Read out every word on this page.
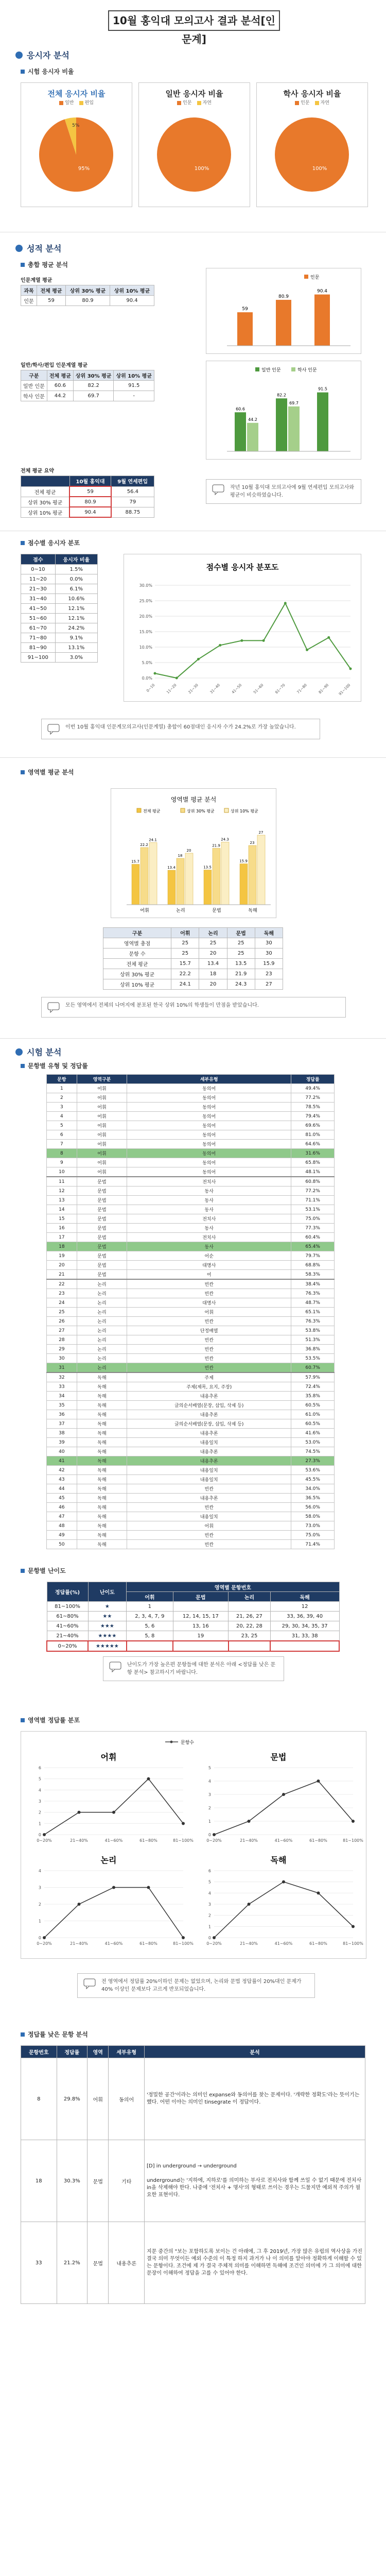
10월 홍익대 모의고사 결과 분석[인문계]
응시자 분석
시험 응시자 비율
전체 응시자 비율
일반	편입
5%
95%
일반 응시자 비율
인문	자연
100%
학사 응시자 비율
인문	자연
100%
성적 분석
총합 평균 분석
인문계열 평균
과목	전체 평균	상위 30% 평균	상위 10% 평균
인문	59	80.9	90.4
일반/학사/편입 인문계열 평균
구분	전체 평균	상위 30% 평균	상위 10% 평균
일반 인문	60.6	82.2	91.5
학사 인문	44.2	69.7	-
인문
59
80.9
90.4
일반 인문	학사 인문
60.6
44.2
82.2
69.7
91.5
전체 평균 요약
	10월 홍익대	9월 연세편입
전체 평균	59	56.4
상위 30% 평균	80.9	79
상위 10% 평균	90.4	88.75
작년 10월 홍익대 모의고사에 9월 연세편입 모의고사와 평균이 비슷하였습니다.
점수별 응시자 분포
점수	응시자 비율
0~10	1.5%
11~20	0.0%
21~30	6.1%
31~40	10.6%
41~50	12.1%
51~60	12.1%
61~70	24.2%
71~80	9.1%
81~90	13.1%
91~100	3.0%
점수별 응시자 분포도
0.0%
5.0%
10.0%
15.0%
20.0%
25.0%
30.0%
0~10	11~20	21~30	31~40	41~50	51~60	61~70	71~80	81~90 91~100
이번 10월 홍익대 인문계모의고사(인문계열) 총합이 60점대인 응시자 수가 24.2%로 가장 높았습니다.
영역별 평균 분석
영역별 평균 분석
전체 평균	상위 30% 평균	상위 10% 평균
15.7
22.2
24.1
어휘
13.4
18
20
논리
13.5
21.9
24.3
문법
15.9
23
27
독해
구분	어휘	논리	문법	독해
영역별 총점	25	25	25	30
문항 수	25	20	25	30
전체 평균	15.7	13.4	13.5	15.9
상위 30% 평균	22.2	18	21.9	23
상위 10% 평균	24.1	20	24.3	27
모든 영역에서 전체의 나머지에 분포된 한국 상위 10%의 학생들이 만점을 받았습니다.
시험 분석
문항별 유형 및 정답률
문항	영역구분	세부유형	정답률
1	어휘	동의어	49.4%
2	어휘	동의어	77.2%
3	어휘	동의어	78.5%
4	어휘	동의어	79.4%
5	어휘	동의어	69.6%
6	어휘	동의어	81.0%
7	어휘	동의어	64.6%
8	어휘	동의어	31.6%
9	어휘	동의어	65.8%
10	어휘	동의어	48.1%
11	문법	전치사	60.8%
12	문법	동사	77.2%
13	문법	동사	71.1%
14	문법	동사	53.1%
15	문법	전치사	75.0%
16	문법	동사	77.3%
17	문법	전치사	60.4%
18	문법	동사	65.4%
19	문법	어순	79.7%
20	문법	대명사	68.8%
21	문법	어	58.3%
22	논리	빈칸	38.4%
23	논리	빈칸	76.3%
24	논리	대명사	48.7%
25	논리	어휘	65.1%
26	논리	빈칸	76.3%
27	논리	단정배열	53.8%
28	논리	빈칸	51.3%
29	논리	빈칸	36.8%
30	논리	빈칸	53.5%
31	논리	빈칸	60.7%
32	독해	주제	57.9%
33	독해	주제(제목, 요지, 주장)	72.4%
34	독해	내용추론	35.8%
35	독해	글의순서배열(문장, 삽입, 삭제 등)	60.5%
36	독해	내용추론	61.0%
37	독해	글의순서배열(문장, 삽입, 삭제 등)	60.5%
38	독해	내용추론	41.6%
39	독해	내용일치	53.0%
40	독해	내용추론	74.5%
41	독해	내용추론	27.3%
42	독해	내용일치	53.6%
43	독해	내용일치	45.5%
44	독해	빈칸	34.0%
45	독해	내용추론	36.5%
46	독해	빈칸	56.0%
47	독해	내용일치	58.0%
48	독해	어휘	73.0%
49	독해	빈칸	75.0%
50	독해	빈칸	71.4%
문항별 난이도
정답률(%)	난이도	영역별 문항번호			
		어휘	문법	논리	독해
81~100%	★	1			12
61~80%	★★	2, 3, 4, 7, 9	12, 14, 15, 17	21, 26, 27	33, 36, 39, 40
41~60%	★★★	5, 6	13, 16	20, 22, 28	29, 30, 34, 35, 37
21~40%	★★★★	5, 8	19	23, 25	31, 33, 38
0~20%	★★★★★				
난이도가 가장 높은편 문항들에 대한 분석은 아래 <정답률 낮은 문항 분석> 참고하시기 바랍니다.
영역별 정답률 분포
문항수
어휘
0
1
2
3
4
5
6
0~20%	21~40%	41~60%	61~80%	81~100%
문법
0
1
2
3
4
5
0~20%	21~40%	41~60%	61~80%	81~100%
논리
0
1
2
3
4
0~20%	21~40%	41~60%	61~80%	81~100%
독해
0
1
2
3
4
5
6
0~20%	21~40%	41~60%	61~80%	81~100%
전 영역에서 정답률 20%이하인 문제는 없었으며, 논리와 문법 정답률이 20%대인 문제가 40% 이상인 문제보다 고르게 반포되었습니다.
정답률 낮은 문항 분석
문항번호	정답률	영역	세부유형	분석
8	29.8%	어휘	동의어	'정밀한 공간'이라는 의미인 expanse와 동의어를 찾는 문제이다. '개략한 정확도'라는 뜻이기는 했다. 어떤 이야는 의미인 tinsegrate 이 정답이다.
18	30.3%	문법	기타	[D] in underground → underground

underground는 '지하에, 지하로'를 의미하는 부사로 전치사와 함께 쓰일 수 없기 때문에 전치사 in을 삭제해야 한다. 나중에 '전치사 + 명사'의 형태로 쓰이는 경우는 드물지만 예외적 주의가 필요한 표현이다.
33	21.2%	문법	내용추론	지문 중간의 "보는 포함하도록 보이는 건 아래에, 그 후 2019년, 가장 많은 유럽의 역사상을 가진 결국 의미 무엇이든 예외 수준의 이 특정 하지 과거가 나 이 의미를 알아야 정확하게 이해할 수 있는 문항이다. 조건에 제 가 결국 주체적 의미를 이해하면 독해에 조건인 의미에 가 그 의미에 대한 문장이 이해하여 정답을 고를 수 있어야 한다.
